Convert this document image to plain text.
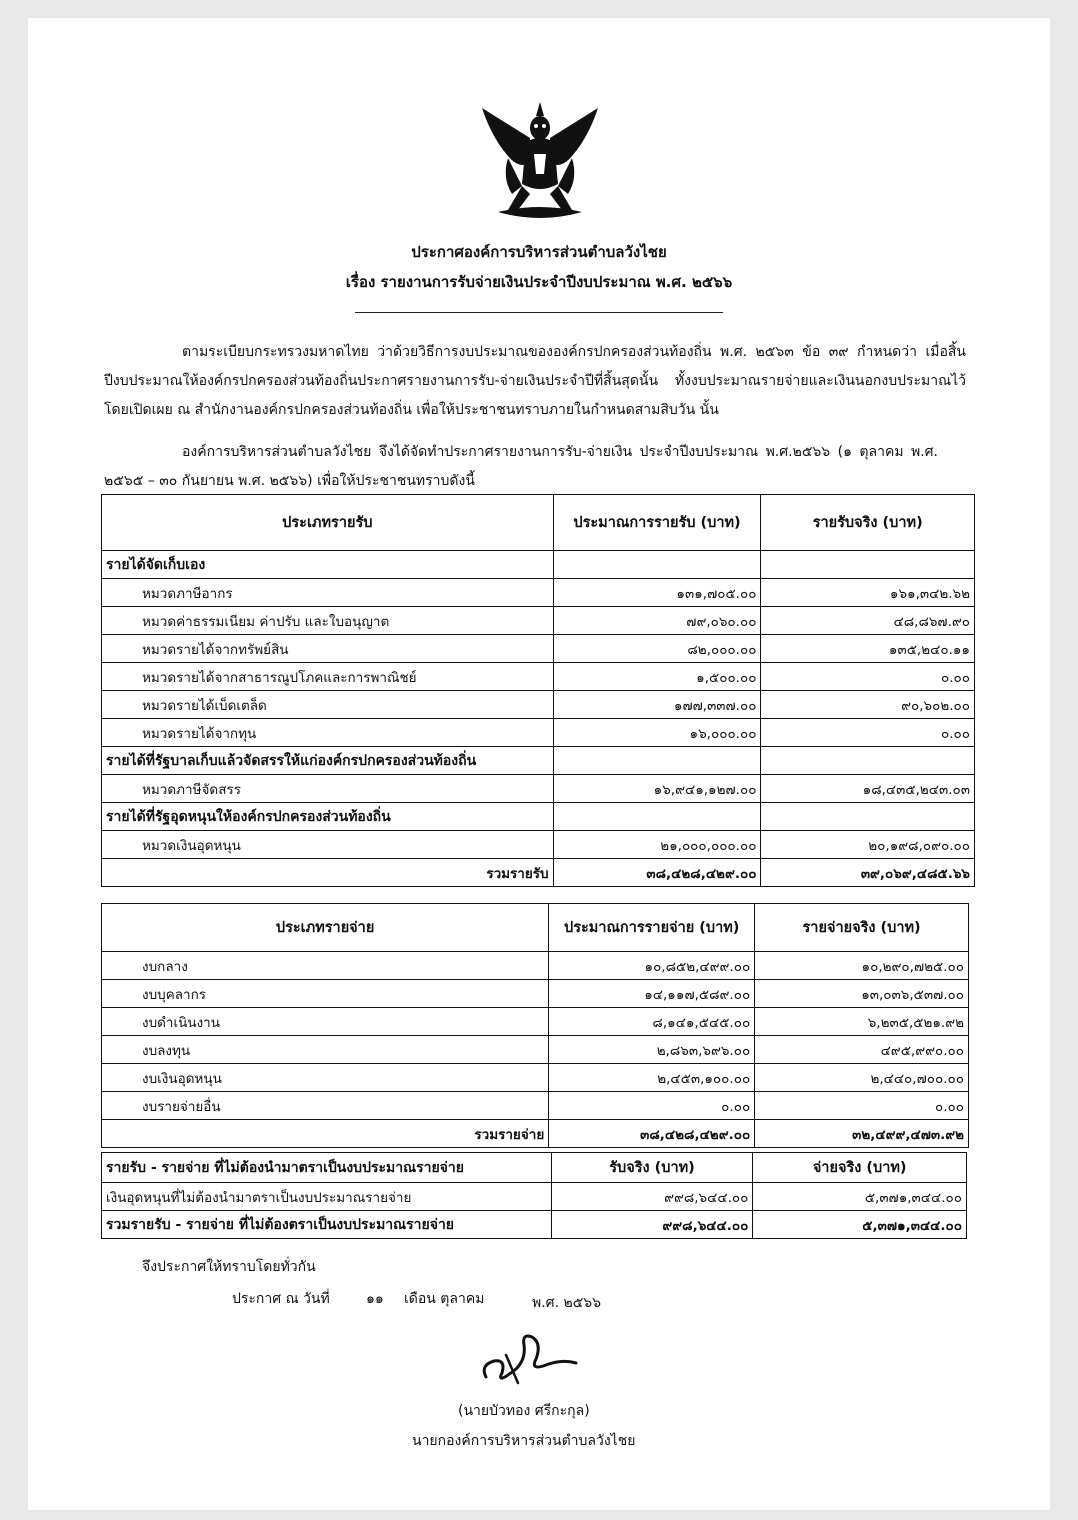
ประกาศองค์การบริหารส่วนตำบลวังไชย
เรื่อง รายงานการรับจ่ายเงินประจำปีงบประมาณ พ.ศ. ๒๕๖๖
ตามระเบียบกระทรวงมหาดไทย ว่าด้วยวิธีการงบประมาณขององค์กรปกครองส่วนท้องถิ่น พ.ศ. ๒๕๖๓ ข้อ ๓๙ กำหนดว่า เมื่อสิ้นปีงบประมาณให้องค์กรปกครองส่วนท้องถิ่นประกาศรายงานการรับ-จ่ายเงินประจำปีที่สิ้นสุดนั้น ทั้งงบประมาณรายจ่ายและเงินนอกงบประมาณไว้โดยเปิดเผย ณ สำนักงานองค์กรปกครองส่วนท้องถิ่น เพื่อให้ประชาชนทราบภายในกำหนดสามสิบวัน นั้น
องค์การบริหารส่วนตำบลวังไชย จึงได้จัดทำประกาศรายงานการรับ-จ่ายเงิน ประจำปีงบประมาณ พ.ศ.๒๕๖๖ (๑ ตุลาคม พ.ศ. ๒๕๖๕ – ๓๐ กันยายน พ.ศ. ๒๕๖๖) เพื่อให้ประชาชนทราบดังนี้
ประเภทรายรับ	ประมาณการรายรับ (บาท)	รายรับจริง (บาท)
รายได้จัดเก็บเอง		
หมวดภาษีอากร	๑๓๑,๗๐๕.๐๐	๑๖๑,๓๔๒.๖๒
หมวดค่าธรรมเนียม ค่าปรับ และใบอนุญาต	๗๙,๐๖๐.๐๐	๔๘,๘๖๗.๙๐
หมวดรายได้จากทรัพย์สิน	๘๒,๐๐๐.๐๐	๑๓๕,๒๔๐.๑๑
หมวดรายได้จากสาธารณูปโภคและการพาณิชย์	๑,๕๐๐.๐๐	๐.๐๐
หมวดรายได้เบ็ดเตล็ด	๑๗๗,๓๓๗.๐๐	๙๐,๖๐๒.๐๐
หมวดรายได้จากทุน	๑๖,๐๐๐.๐๐	๐.๐๐
รายได้ที่รัฐบาลเก็บแล้วจัดสรรให้แก่องค์กรปกครองส่วนท้องถิ่น		
หมวดภาษีจัดสรร	๑๖,๙๔๑,๑๒๗.๐๐	๑๘,๔๓๕,๒๔๓.๐๓
รายได้ที่รัฐอุดหนุนให้องค์กรปกครองส่วนท้องถิ่น		
หมวดเงินอุดหนุน	๒๑,๐๐๐,๐๐๐.๐๐	๒๐,๑๙๘,๐๙๐.๐๐
รวมรายรับ	๓๘,๔๒๘,๔๒๙.๐๐	๓๙,๐๖๙,๔๘๕.๖๖
ประเภทรายจ่าย	ประมาณการรายจ่าย (บาท)	รายจ่ายจริง (บาท)
งบกลาง	๑๐,๘๕๒,๔๙๙.๐๐	๑๐,๒๙๐,๗๒๕.๐๐
งบบุคลากร	๑๔,๑๑๗,๕๘๙.๐๐	๑๓,๐๓๖,๕๓๗.๐๐
งบดำเนินงาน	๘,๑๔๑,๕๔๕.๐๐	๖,๒๓๕,๕๒๑.๙๒
งบลงทุน	๒,๘๖๓,๖๙๖.๐๐	๔๙๕,๙๙๐.๐๐
งบเงินอุดหนุน	๒,๔๕๓,๑๐๐.๐๐	๒,๔๔๐,๗๐๐.๐๐
งบรายจ่ายอื่น	๐.๐๐	๐.๐๐
รวมรายจ่าย	๓๘,๔๒๘,๔๒๙.๐๐	๓๒,๔๙๙,๔๗๓.๙๒
รายรับ - รายจ่าย ที่ไม่ต้องนำมาตราเป็นงบประมาณรายจ่าย	รับจริง (บาท)	จ่ายจริง (บาท)
เงินอุดหนุนที่ไม่ต้องนำมาตราเป็นงบประมาณรายจ่าย	๙๙๘,๖๔๔.๐๐	๕,๓๗๑,๓๔๔.๐๐
รวมรายรับ - รายจ่าย ที่ไม่ต้องตราเป็นงบประมาณรายจ่าย	๙๙๘,๖๔๔.๐๐	๕,๓๗๑,๓๔๔.๐๐
จึงประกาศให้ทราบโดยทั่วกัน
ประกาศ ณ วันที่	๑๑ เดือน ตุลาคม	พ.ศ. ๒๕๖๖
(นายบัวทอง ศรีกะกุล)
นายกองค์การบริหารส่วนตำบลวังไชย
